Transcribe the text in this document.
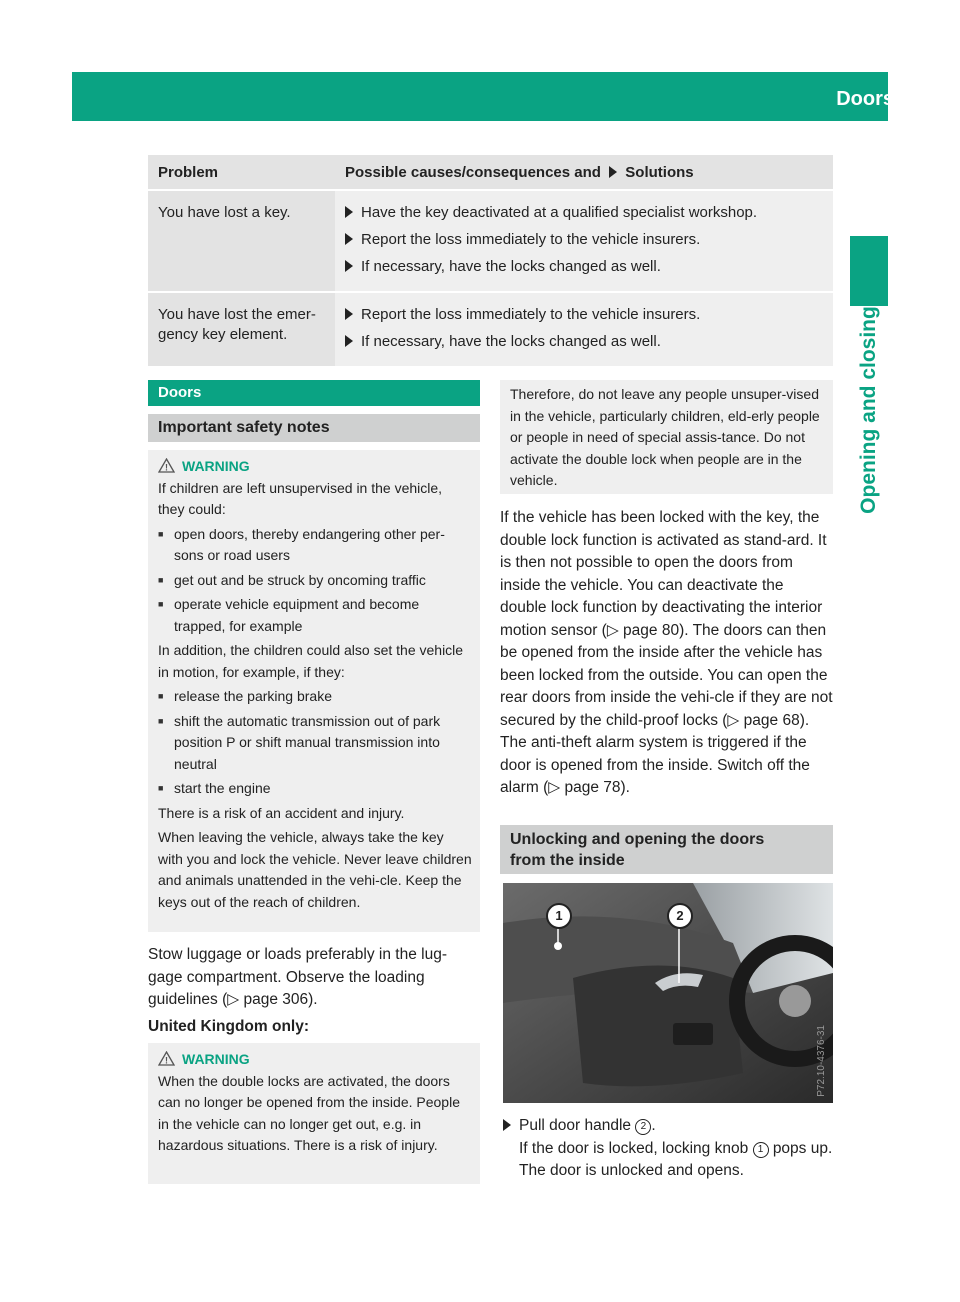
Doors 89
Opening and closing
Problem	Possible causes/consequences and Solutions
You have lost a key.	Have the key deactivated at a qualified specialist workshop.
Report the loss immediately to the vehicle insurers.
If necessary, have the locks changed as well.

You have lost the emer-gency key element.	Report the loss immediately to the vehicle insurers.
If necessary, have the locks changed as well.
Doors
Important safety notes
! WARNING

If children are left unsupervised in the vehicle, they could:

■ open doors, thereby endangering other per-sons or road users
■ get out and be struck by oncoming traffic
■ operate vehicle equipment and become trapped, for example

In addition, the children could also set the vehicle in motion, for example, if they:

■ release the parking brake
■ shift the automatic transmission out of park position P or shift manual transmission into neutral
■ start the engine

There is a risk of an accident and injury.

When leaving the vehicle, always take the key with you and lock the vehicle. Never leave children and animals unattended in the vehi-cle. Keep the keys out of the reach of children.

Stow luggage or loads preferably in the lug-gage compartment. Observe the loading guidelines (▷ page 306).

United Kingdom only:

! WARNING

When the double locks are activated, the doors can no longer be opened from the inside. People in the vehicle can no longer get out, e.g. in hazardous situations. There is a risk of injury.

Therefore, do not leave any people unsuper-vised in the vehicle, particularly children, eld-erly people or people in need of special assis-tance. Do not activate the double lock when people are in the vehicle.

If the vehicle has been locked with the key, the double lock function is activated as stand-ard. It is then not possible to open the doors from inside the vehicle. You can deactivate the double lock function by deactivating the interior motion sensor (▷ page 80). The doors can then be opened from the inside after the vehicle has been locked from the outside. You can open the rear doors from inside the vehi-cle if they are not secured by the child-proof locks (▷ page 68). The anti-theft alarm system is triggered if the door is opened from the inside. Switch off the alarm (▷ page 78).
Unlocking and opening the doors
from the inside
1	2
P72.10-4376-31

Pull door handle 2 .

If the door is locked, locking knob 1 pops up. The door is unlocked and opens.
